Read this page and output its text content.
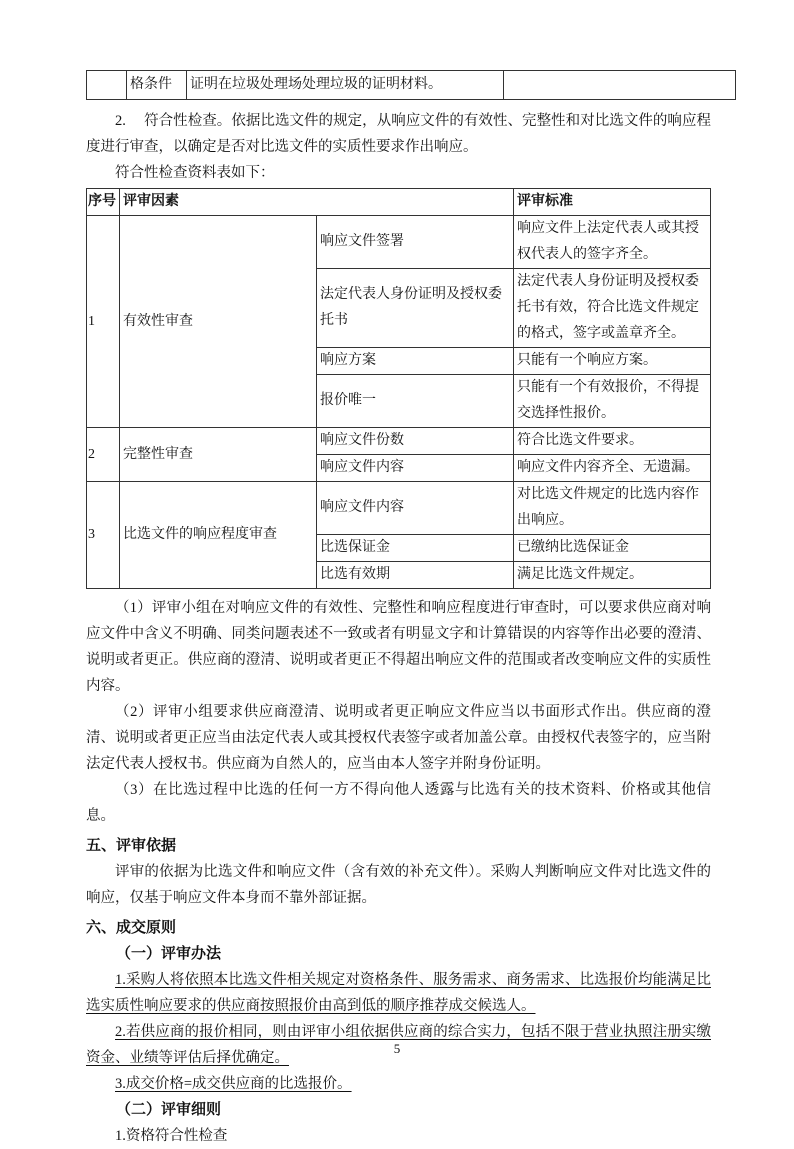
	格条件	证明在垃圾处理场处理垃圾的证明材料。	

2.　 符合性检查。依据比选文件的规定，从响应文件的有效性、完整性和对比选文件的响应程度进行审查，以确定是否对比选文件的实质性要求作出响应。

符合性检查资料表如下：

序号	评审因素		评审标准
1	有效性审查	响应文件签署	响应文件上法定代表人或其授权代表人的签字齐全。
		法定代表人身份证明及授权委托书	法定代表人身份证明及授权委托书有效，符合比选文件规定的格式，签字或盖章齐全。
		响应方案	只能有一个响应方案。
		报价唯一	只能有一个有效报价，不得提交选择性报价。
2	完整性审查	响应文件份数	符合比选文件要求。
		响应文件内容	响应文件内容齐全、无遗漏。
3	比选文件的响应程度审查	响应文件内容	对比选文件规定的比选内容作出响应。
		比选保证金	已缴纳比选保证金
		比选有效期	满足比选文件规定。

（1）评审小组在对响应文件的有效性、完整性和响应程度进行审查时，可以要求供应商对响应文件中含义不明确、同类问题表述不一致或者有明显文字和计算错误的内容等作出必要的澄清、说明或者更正。供应商的澄清、说明或者更正不得超出响应文件的范围或者改变响应文件的实质性内容。

（2）评审小组要求供应商澄清、说明或者更正响应文件应当以书面形式作出。供应商的澄清、说明或者更正应当由法定代表人或其授权代表签字或者加盖公章。由授权代表签字的，应当附法定代表人授权书。供应商为自然人的，应当由本人签字并附身份证明。

（3）在比选过程中比选的任何一方不得向他人透露与比选有关的技术资料、价格或其他信息。

五、评审依据

评审的依据为比选文件和响应文件（含有效的补充文件）。采购人判断响应文件对比选文件的响应，仅基于响应文件本身而不靠外部证据。

六、成交原则

（一）评审办法

1.采购人将依照本比选文件相关规定对资格条件、服务需求、商务需求、比选报价均能满足比选实质性响应要求的供应商按照报价由高到低的顺序推荐成交候选人。

2.若供应商的报价相同，则由评审小组依据供应商的综合实力，包括不限于营业执照注册实缴资金、业绩等评估后择优确定。

3.成交价格=成交供应商的比选报价。

（二）评审细则

1.资格符合性检查

5
